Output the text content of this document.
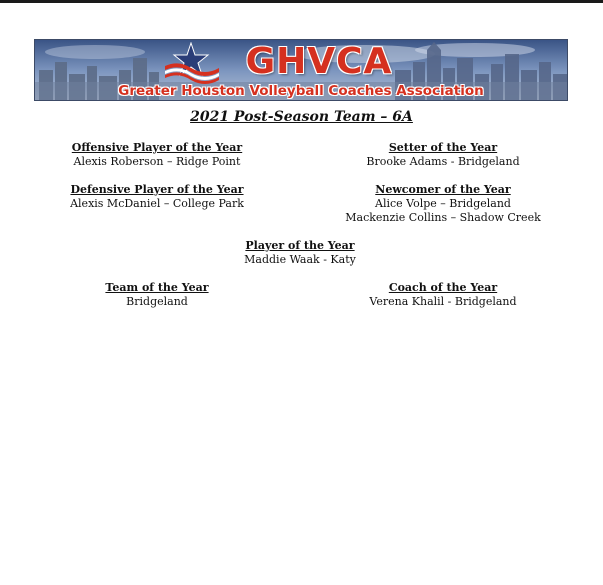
GHVCA
Greater Houston Volleyball Coaches Association
2021 Post-Season Team – 6A
Offensive Player of the Year
Alexis Roberson – Ridge Point
Setter of the Year
Brooke Adams - Bridgeland
Defensive Player of the Year
Alexis McDaniel – College Park
Newcomer of the Year
Alice Volpe – Bridgeland
Mackenzie Collins – Shadow Creek
Player of the Year
Maddie Waak - Katy
Team of the Year
Bridgeland
Coach of the Year
Verena Khalil - Bridgeland
